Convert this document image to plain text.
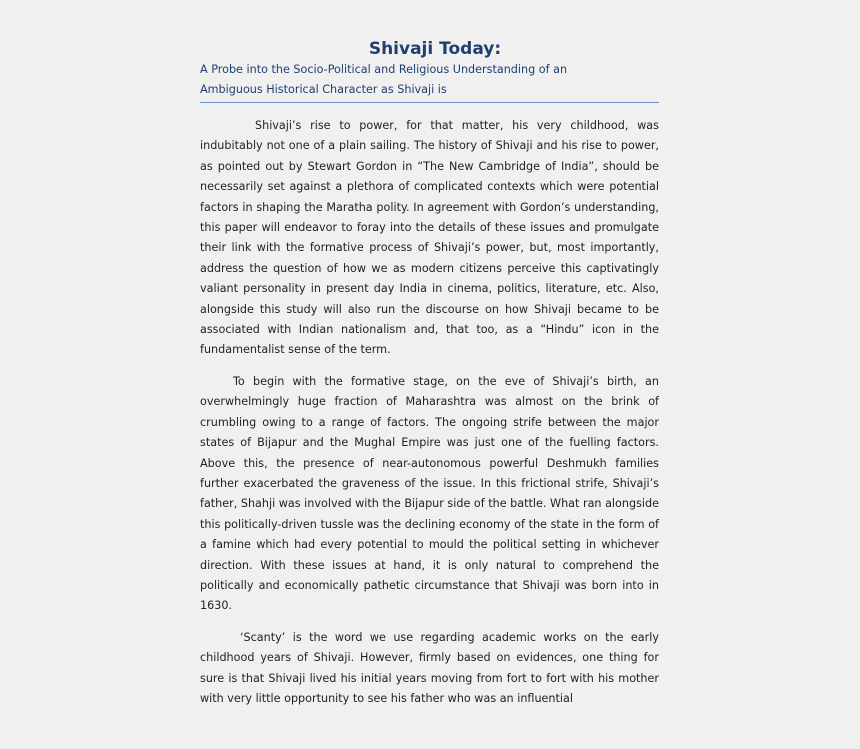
Shivaji Today:
A Probe into the Socio-Political and Religious Understanding of an
Ambiguous Historical Character as Shivaji is

Shivaji’s rise to power, for that matter, his very childhood, was indubitably not one of a plain sailing. The history of Shivaji and his rise to power, as pointed out by Stewart Gordon in “The New Cambridge of India”, should be necessarily set against a plethora of complicated contexts which were potential factors in shaping the Maratha polity. In agreement with Gordon’s understanding, this paper will endeavor to foray into the details of these issues and promulgate their link with the formative process of Shivaji’s power, but, most importantly, address the question of how we as modern citizens perceive this captivatingly valiant personality in present day India in cinema, politics, literature, etc. Also, alongside this study will also run the discourse on how Shivaji became to be associated with Indian nationalism and, that too, as a “Hindu” icon in the fundamentalist sense of the term.

To begin with the formative stage, on the eve of Shivaji’s birth, an overwhelmingly huge fraction of Maharashtra was almost on the brink of crumbling owing to a range of factors. The ongoing strife between the major states of Bijapur and the Mughal Empire was just one of the fuelling factors. Above this, the presence of near-autonomous powerful Deshmukh families further exacerbated the graveness of the issue. In this frictional strife, Shivaji’s father, Shahji was involved with the Bijapur side of the battle. What ran alongside this politically-driven tussle was the declining economy of the state in the form of a famine which had every potential to mould the political setting in whichever direction. With these issues at hand, it is only natural to comprehend the politically and economically pathetic circumstance that Shivaji was born into in 1630.

‘Scanty’ is the word we use regarding academic works on the early childhood years of Shivaji. However, firmly based on evidences, one thing for sure is that Shivaji lived his initial years moving from fort to fort with his mother with very little opportunity to see his father who was an influential
